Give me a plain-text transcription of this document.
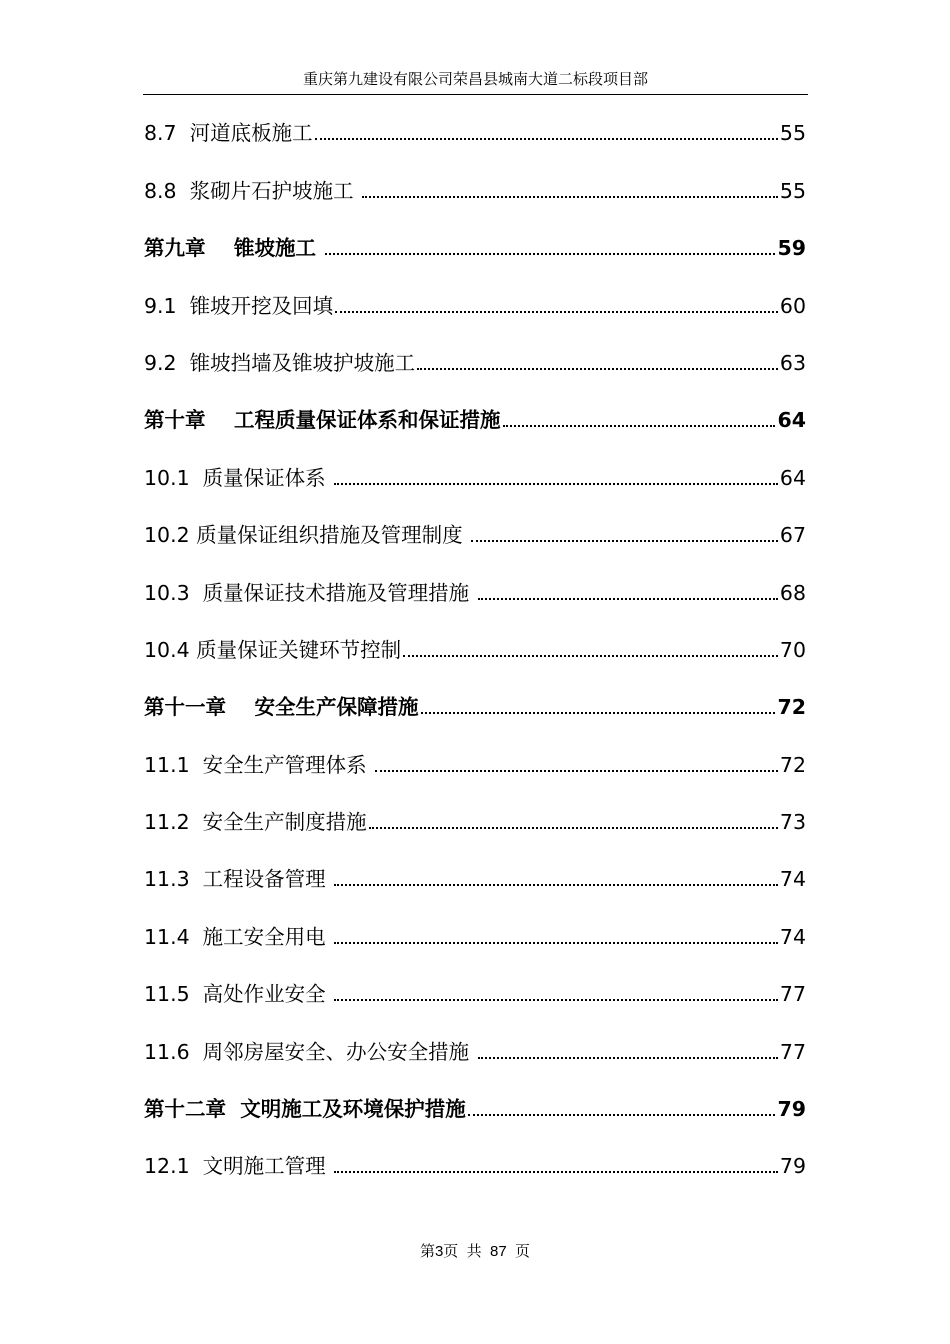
重庆第九建设有限公司荣昌县城南大道二标段项目部
8.7  河道底板施工	55
8.8  浆砌片石护坡施工	55
第九章    锥坡施工	59
9.1  锥坡开挖及回填	60
9.2  锥坡挡墙及锥坡护坡施工	63
第十章    工程质量保证体系和保证措施	64
10.1  质量保证体系	64
10.2 质量保证组织措施及管理制度	67
10.3  质量保证技术措施及管理措施	68
10.4 质量保证关键环节控制	70
第十一章    安全生产保障措施	72
11.1  安全生产管理体系	72
11.2  安全生产制度措施	73
11.3  工程设备管理	74
11.4  施工安全用电	74
11.5  高处作业安全	77
11.6  周邻房屋安全、办公安全措施	77
第十二章  文明施工及环境保护措施	79
12.1  文明施工管理	79
第3页  共  87  页
